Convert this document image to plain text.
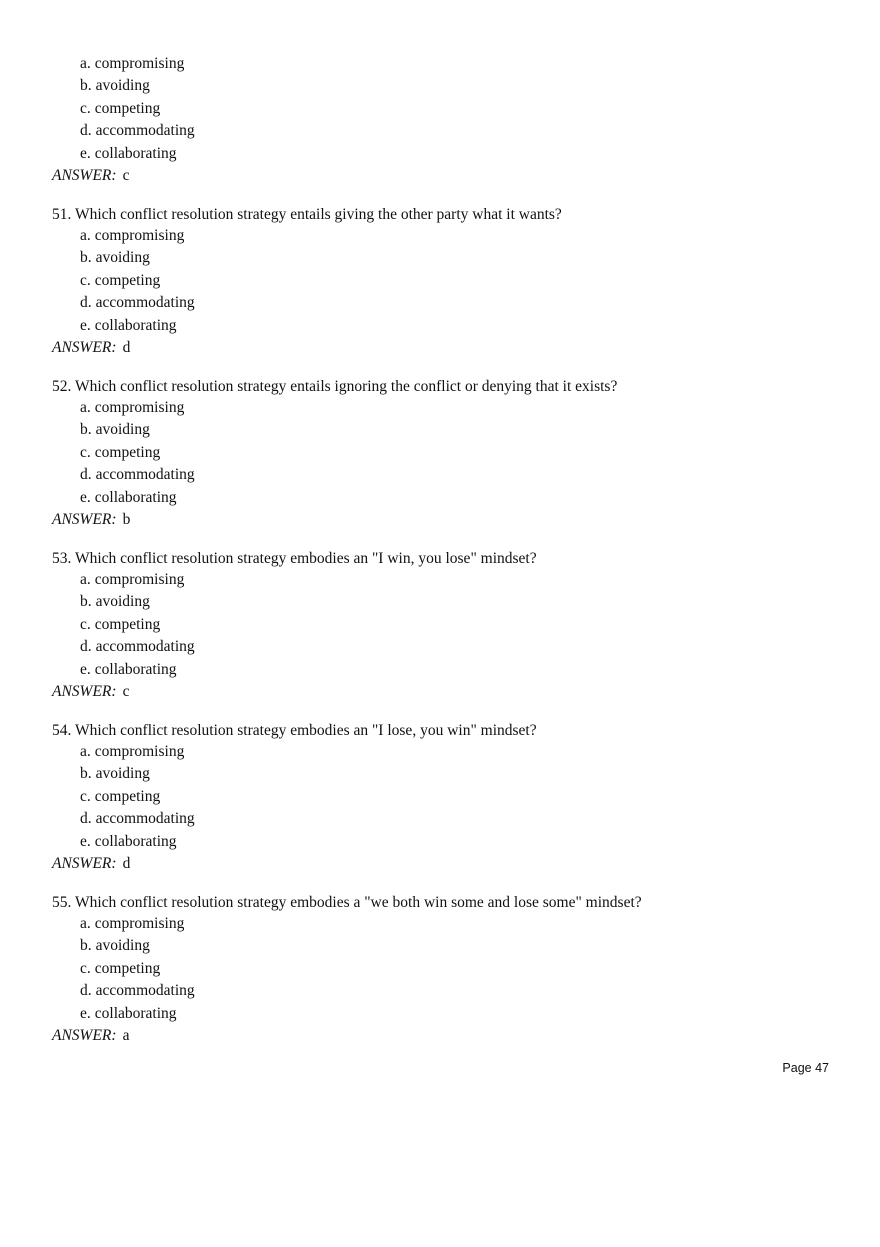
a. compromising
b. avoiding
c. competing
d. accommodating
e. collaborating
ANSWER: c
51. Which conflict resolution strategy entails giving the other party what it wants?
a. compromising
b. avoiding
c. competing
d. accommodating
e. collaborating
ANSWER: d
52. Which conflict resolution strategy entails ignoring the conflict or denying that it exists?
a. compromising
b. avoiding
c. competing
d. accommodating
e. collaborating
ANSWER: b
53. Which conflict resolution strategy embodies an "I win, you lose" mindset?
a. compromising
b. avoiding
c. competing
d. accommodating
e. collaborating
ANSWER: c
54. Which conflict resolution strategy embodies an "I lose, you win" mindset?
a. compromising
b. avoiding
c. competing
d. accommodating
e. collaborating
ANSWER: d
55. Which conflict resolution strategy embodies a "we both win some and lose some" mindset?
a. compromising
b. avoiding
c. competing
d. accommodating
e. collaborating
ANSWER: a
Page 47
